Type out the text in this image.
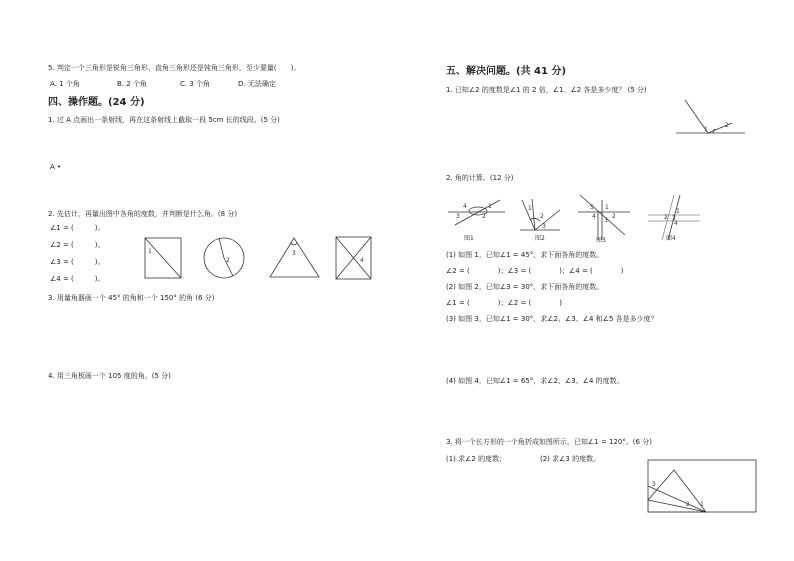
5. 判定一个三角形是锐角三角形、直角三角形还是钝角三角形，至少要量(　　)。
A. 1 个角	B. 2 个角	C. 3 个角	D. 无法确定
四、操作题。(24 分)
1. 过 A 点画出一条射线，再在这条射线上截取一段 5cm 长的线段。(5 分)
A •
2. 先估计，再量出图中各角的度数，并判断是什么角。(8 分)
∠1 = (　　　)。
∠2 = (　　　)。
∠3 = (　　　)。
∠4 = (　　　)。
1
2
3
4
3. 用量角器画一个 45° 的角和一个 150° 的角 (6 分)
4. 用三角板画一个 105 度的角。(5 分)
五、解决问题。(共 41 分)
1. 已知∠2 的度数是∠1 的 2 倍，∠1、∠2 各是多少度？ (5 分)
1
2
2. 角的计算。(12 分)
4	1
3	2
图1
1
2
3
图2
5
4
1
2
3
图3
1
2 3
4
图4
(1) 如图 1，已知∠1 = 45°，求下面各角的度数。
∠2 = (　　　　)；∠3 = (　　　　)；∠4 = (　　　　)
(2) 如图 2，已知∠3 = 30°，求下面各角的度数。
∠1 = (　　　　)；∠2 = (　　　　)
(3) 如图 3，已知∠1 = 30°，求∠2、∠3、∠4 和∠5 各是多少度？
(4) 如图 4，已知∠1 = 65°，求∠2、∠3、∠4 的度数。
3. 将一个长方形的一个角折成如图所示，已知∠1 = 120°。(6 分)
(1) 求∠2 的度数；	(2) 求∠3 的度数。
3
2 1
